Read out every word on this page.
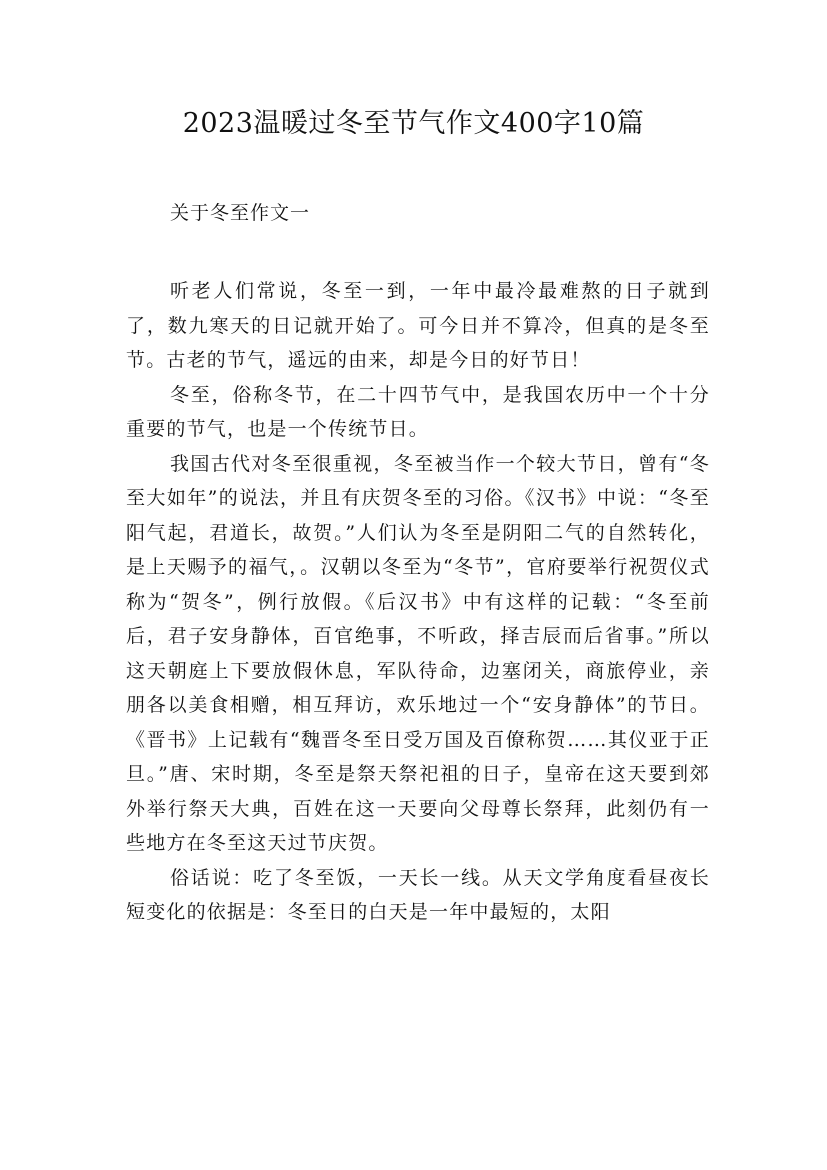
2023温暖过冬至节气作文400字10篇
关于冬至作文一

听老人们常说，冬至一到，一年中最冷最难熬的日子就到了，数九寒天的日记就开始了。可今日并不算冷，但真的是冬至节。古老的节气，遥远的由来，却是今日的好节日！

冬至，俗称冬节，在二十四节气中，是我国农历中一个十分重要的节气，也是一个传统节日。

我国古代对冬至很重视，冬至被当作一个较大节日，曾有“冬至大如年”的说法，并且有庆贺冬至的习俗。《汉书》中说：“冬至阳气起，君道长，故贺。”人们认为冬至是阴阳二气的自然转化，是上天赐予的福气，。汉朝以冬至为“冬节”，官府要举行祝贺仪式称为“贺冬”，例行放假。《后汉书》中有这样的记载：“冬至前后，君子安身静体，百官绝事，不听政，择吉辰而后省事。”所以这天朝庭上下要放假休息，军队待命，边塞闭关，商旅停业，亲朋各以美食相赠，相互拜访，欢乐地过一个“安身静体”的节日。《晋书》上记载有“魏晋冬至日受万国及百僚称贺……其仪亚于正旦。”唐、宋时期，冬至是祭天祭祀祖的日子，皇帝在这天要到郊外举行祭天大典，百姓在这一天要向父母尊长祭拜，此刻仍有一些地方在冬至这天过节庆贺。

俗话说：吃了冬至饭，一天长一线。从天文学角度看昼夜长短变化的依据是：冬至日的白天是一年中最短的，太阳
